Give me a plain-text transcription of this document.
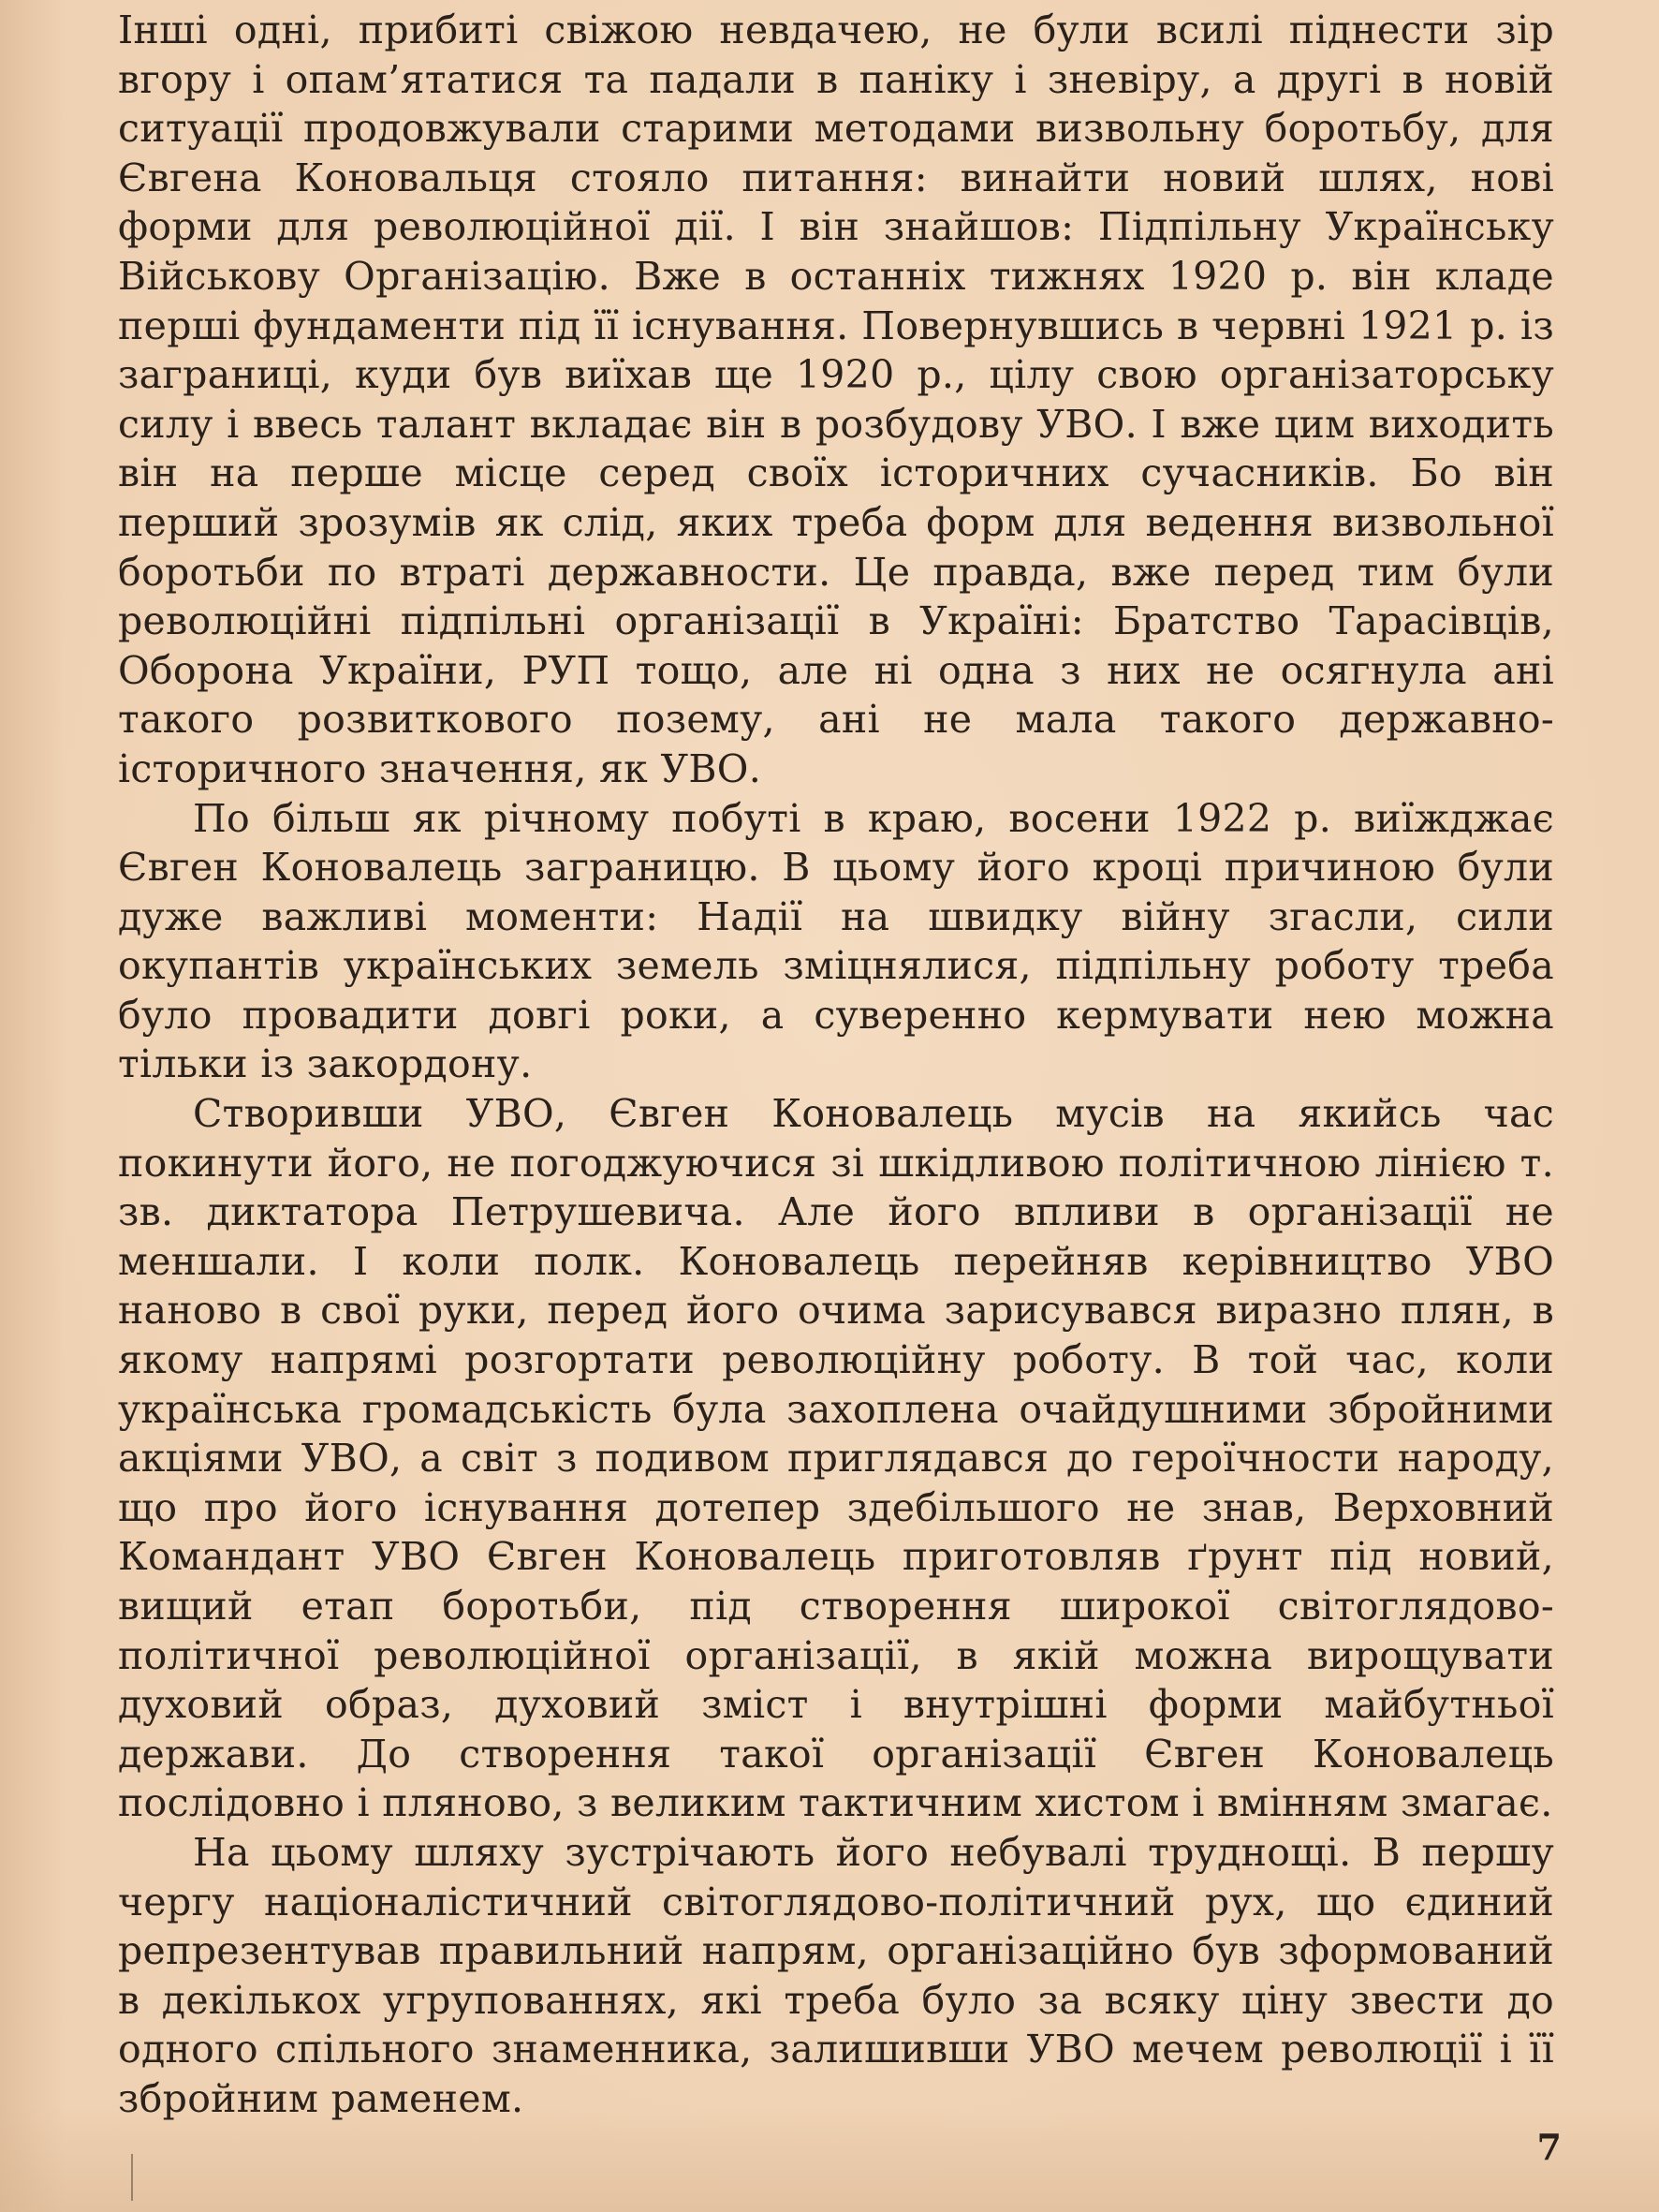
Інші одні, прибиті свіжою невдачею, не були всилі піднести зір вгору і опам’ятатися та падали в паніку і зневіру, а другі в новій ситуації продовжували старими методами визвольну боротьбу, для Євгена Коновальця стояло питання: винайти новий шлях, нові форми для революційної дії. І він знайшов: Підпільну Українську Військову Організацію. Вже в останніх тижнях 1920 р. він кладе перші фундаменти під її існування. Повернувшись в червні 1921 р. із заграниці, куди був виїхав ще 1920 р., цілу свою організаторську силу і ввесь талант вкладає він в розбудову УВО. І вже цим виходить він на перше місце серед своїх історичних сучасників. Бо він перший зрозумів як слід, яких треба форм для ведення визвольної боротьби по втраті державности. Це правда, вже перед тим були революційні підпільні організації в Україні: Братство Тарасівців, Оборона України, РУП тощо, але ні одна з них не осягнула ані такого розвиткового позему, ані не мала такого державно-історичного значення, як УВО.

По більш як річному побуті в краю, восени 1922 р. виїжджає Євген Коновалець заграницю. В цьому його кроці причиною були дуже важливі моменти: Надії на швидку війну згасли, сили окупантів українських земель зміцнялися, підпільну роботу треба було провадити довгі роки, а суверенно кермувати нею можна тільки із закордону.

Створивши УВО, Євген Коновалець мусів на якийсь час покинути його, не погоджуючися зі шкідливою політичною лінією т. зв. диктатора Петрушевича. Але його впливи в організації не меншали. І коли полк. Коновалець перейняв керівництво УВО наново в свої руки, перед його очима зарисувався виразно плян, в якому напрямі розгортати революційну роботу. В той час, коли українська громадськість була захоплена очайдушними збройними акціями УВО, а світ з подивом приглядався до героїчности народу, що про його існування дотепер здебільшого не знав, Верховний Командант УВО Євген Коновалець приготовляв ґрунт під новий, вищий етап боротьби, під створення широкої світоглядово-політичної революційної організації, в якій можна вирощувати духовий образ, духовий зміст і внутрішні форми майбутньої держави. До створення такої організації Євген Коновалець послідовно і пляново, з великим тактичним хистом і вмінням змагає.

На цьому шляху зустрічають його небувалі труднощі. В першу чергу націоналістичний світоглядово-політичний рух, що єдиний репрезентував правильний напрям, організаційно був зформований в декількох угрупованнях, які треба було за всяку ціну звести до одного спільного знаменника, залишивши УВО мечем революції і її збройним раменем.

7
